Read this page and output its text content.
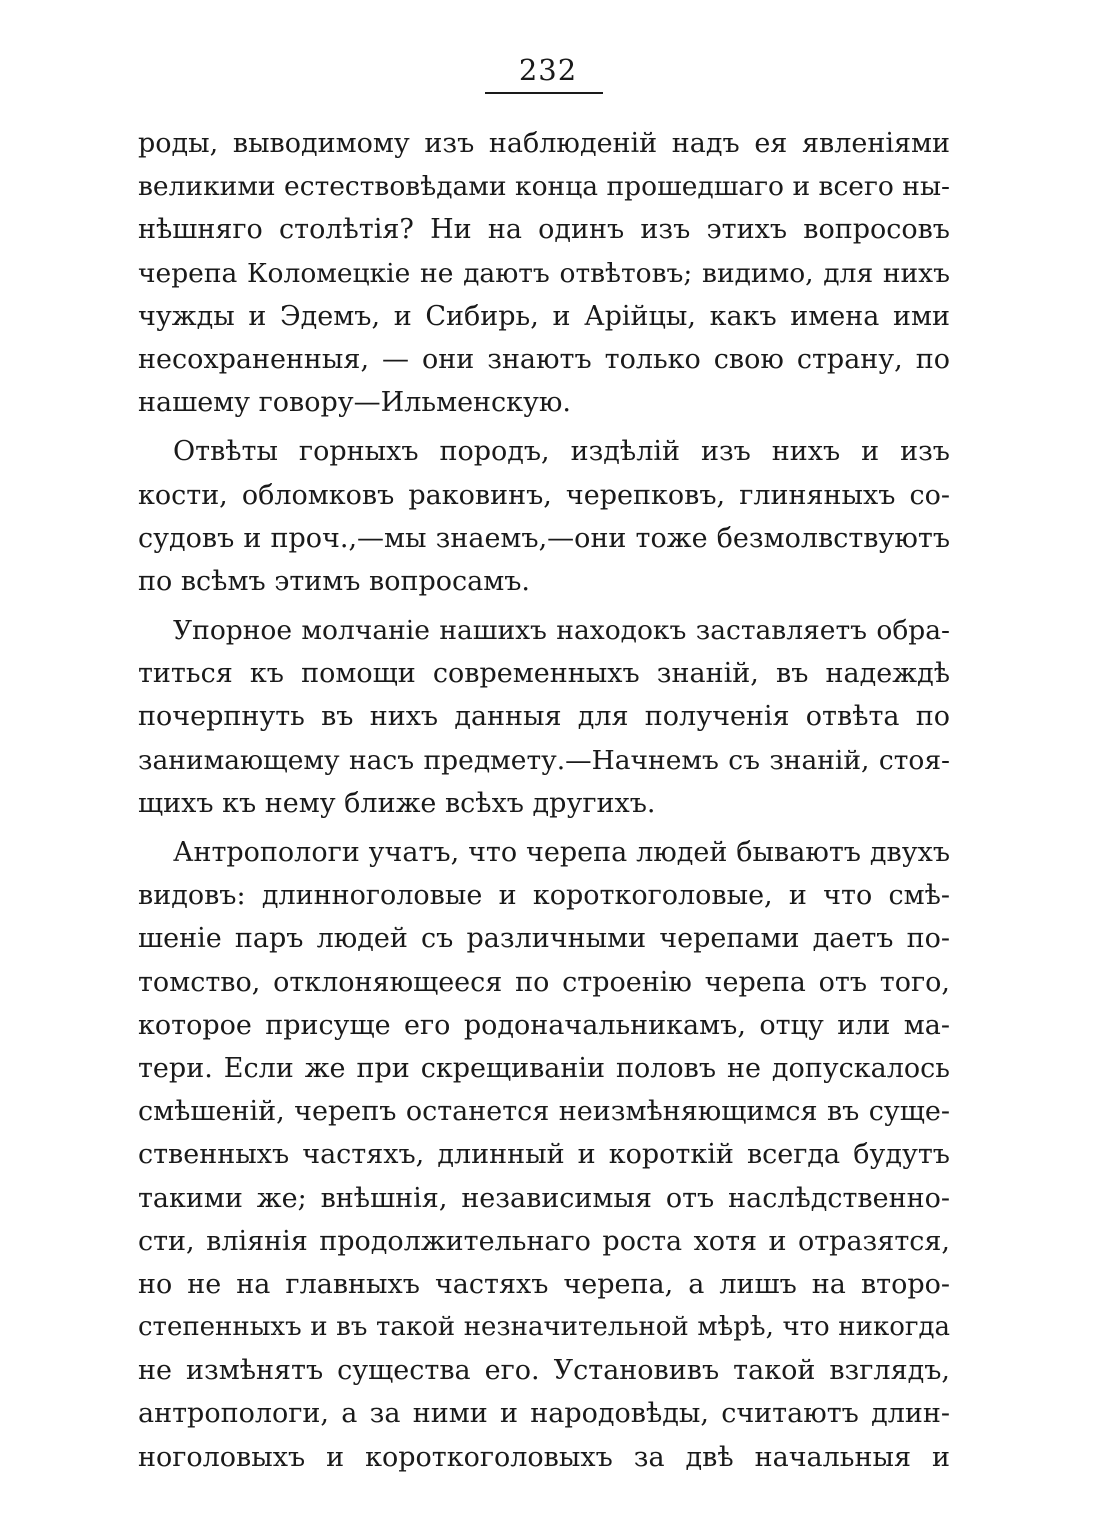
232
роды, выводимому изъ наблюденій надъ ея явленіями
великими естествовѣдами конца прошедшаго и всего ны-
нѣшняго столѣтія? Ни на одинъ изъ этихъ вопросовъ
черепа Коломецкіе не даютъ отвѣтовъ; видимо, для нихъ
чужды и Эдемъ, и Сибирь, и Арійцы, какъ имена ими
несохраненныя, — они знаютъ только свою страну, по
нашему говору—Ильменскую.
Отвѣты горныхъ породъ, издѣлій изъ нихъ и изъ
кости, обломковъ раковинъ, черепковъ, глиняныхъ со-
судовъ и проч.,—мы знаемъ,—они тоже безмолвствуютъ
по всѣмъ этимъ вопросамъ.
Упорное молчаніе нашихъ находокъ заставляетъ обра-
титься къ помощи современныхъ знаній, въ надеждѣ
почерпнуть въ нихъ данныя для полученія отвѣта по
занимающему насъ предмету.—Начнемъ съ знаній, стоя-
щихъ къ нему ближе всѣхъ другихъ.
Антропологи учатъ, что черепа людей бываютъ двухъ
видовъ: длинноголовые и короткоголовые, и что смѣ-
шеніе паръ людей съ различными черепами даетъ по-
томство, отклоняющееся по строенію черепа отъ того,
которое присуще его родоначальникамъ, отцу или ма-
тери. Если же при скрещиваніи половъ не допускалось
смѣшеній, черепъ останется неизмѣняющимся въ суще-
ственныхъ частяхъ, длинный и короткій всегда будутъ
такими же; внѣшнія, независимыя отъ наслѣдственно-
сти, вліянія продолжительнаго роста хотя и отразятся,
но не на главныхъ частяхъ черепа, а лишъ на второ-
степенныхъ и въ такой незначительной мѣрѣ, что никогда
не измѣнятъ существа его. Установивъ такой взглядъ,
антропологи, а за ними и народовѣды, считаютъ длин-
ноголовыхъ и короткоголовыхъ за двѣ начальныя и
